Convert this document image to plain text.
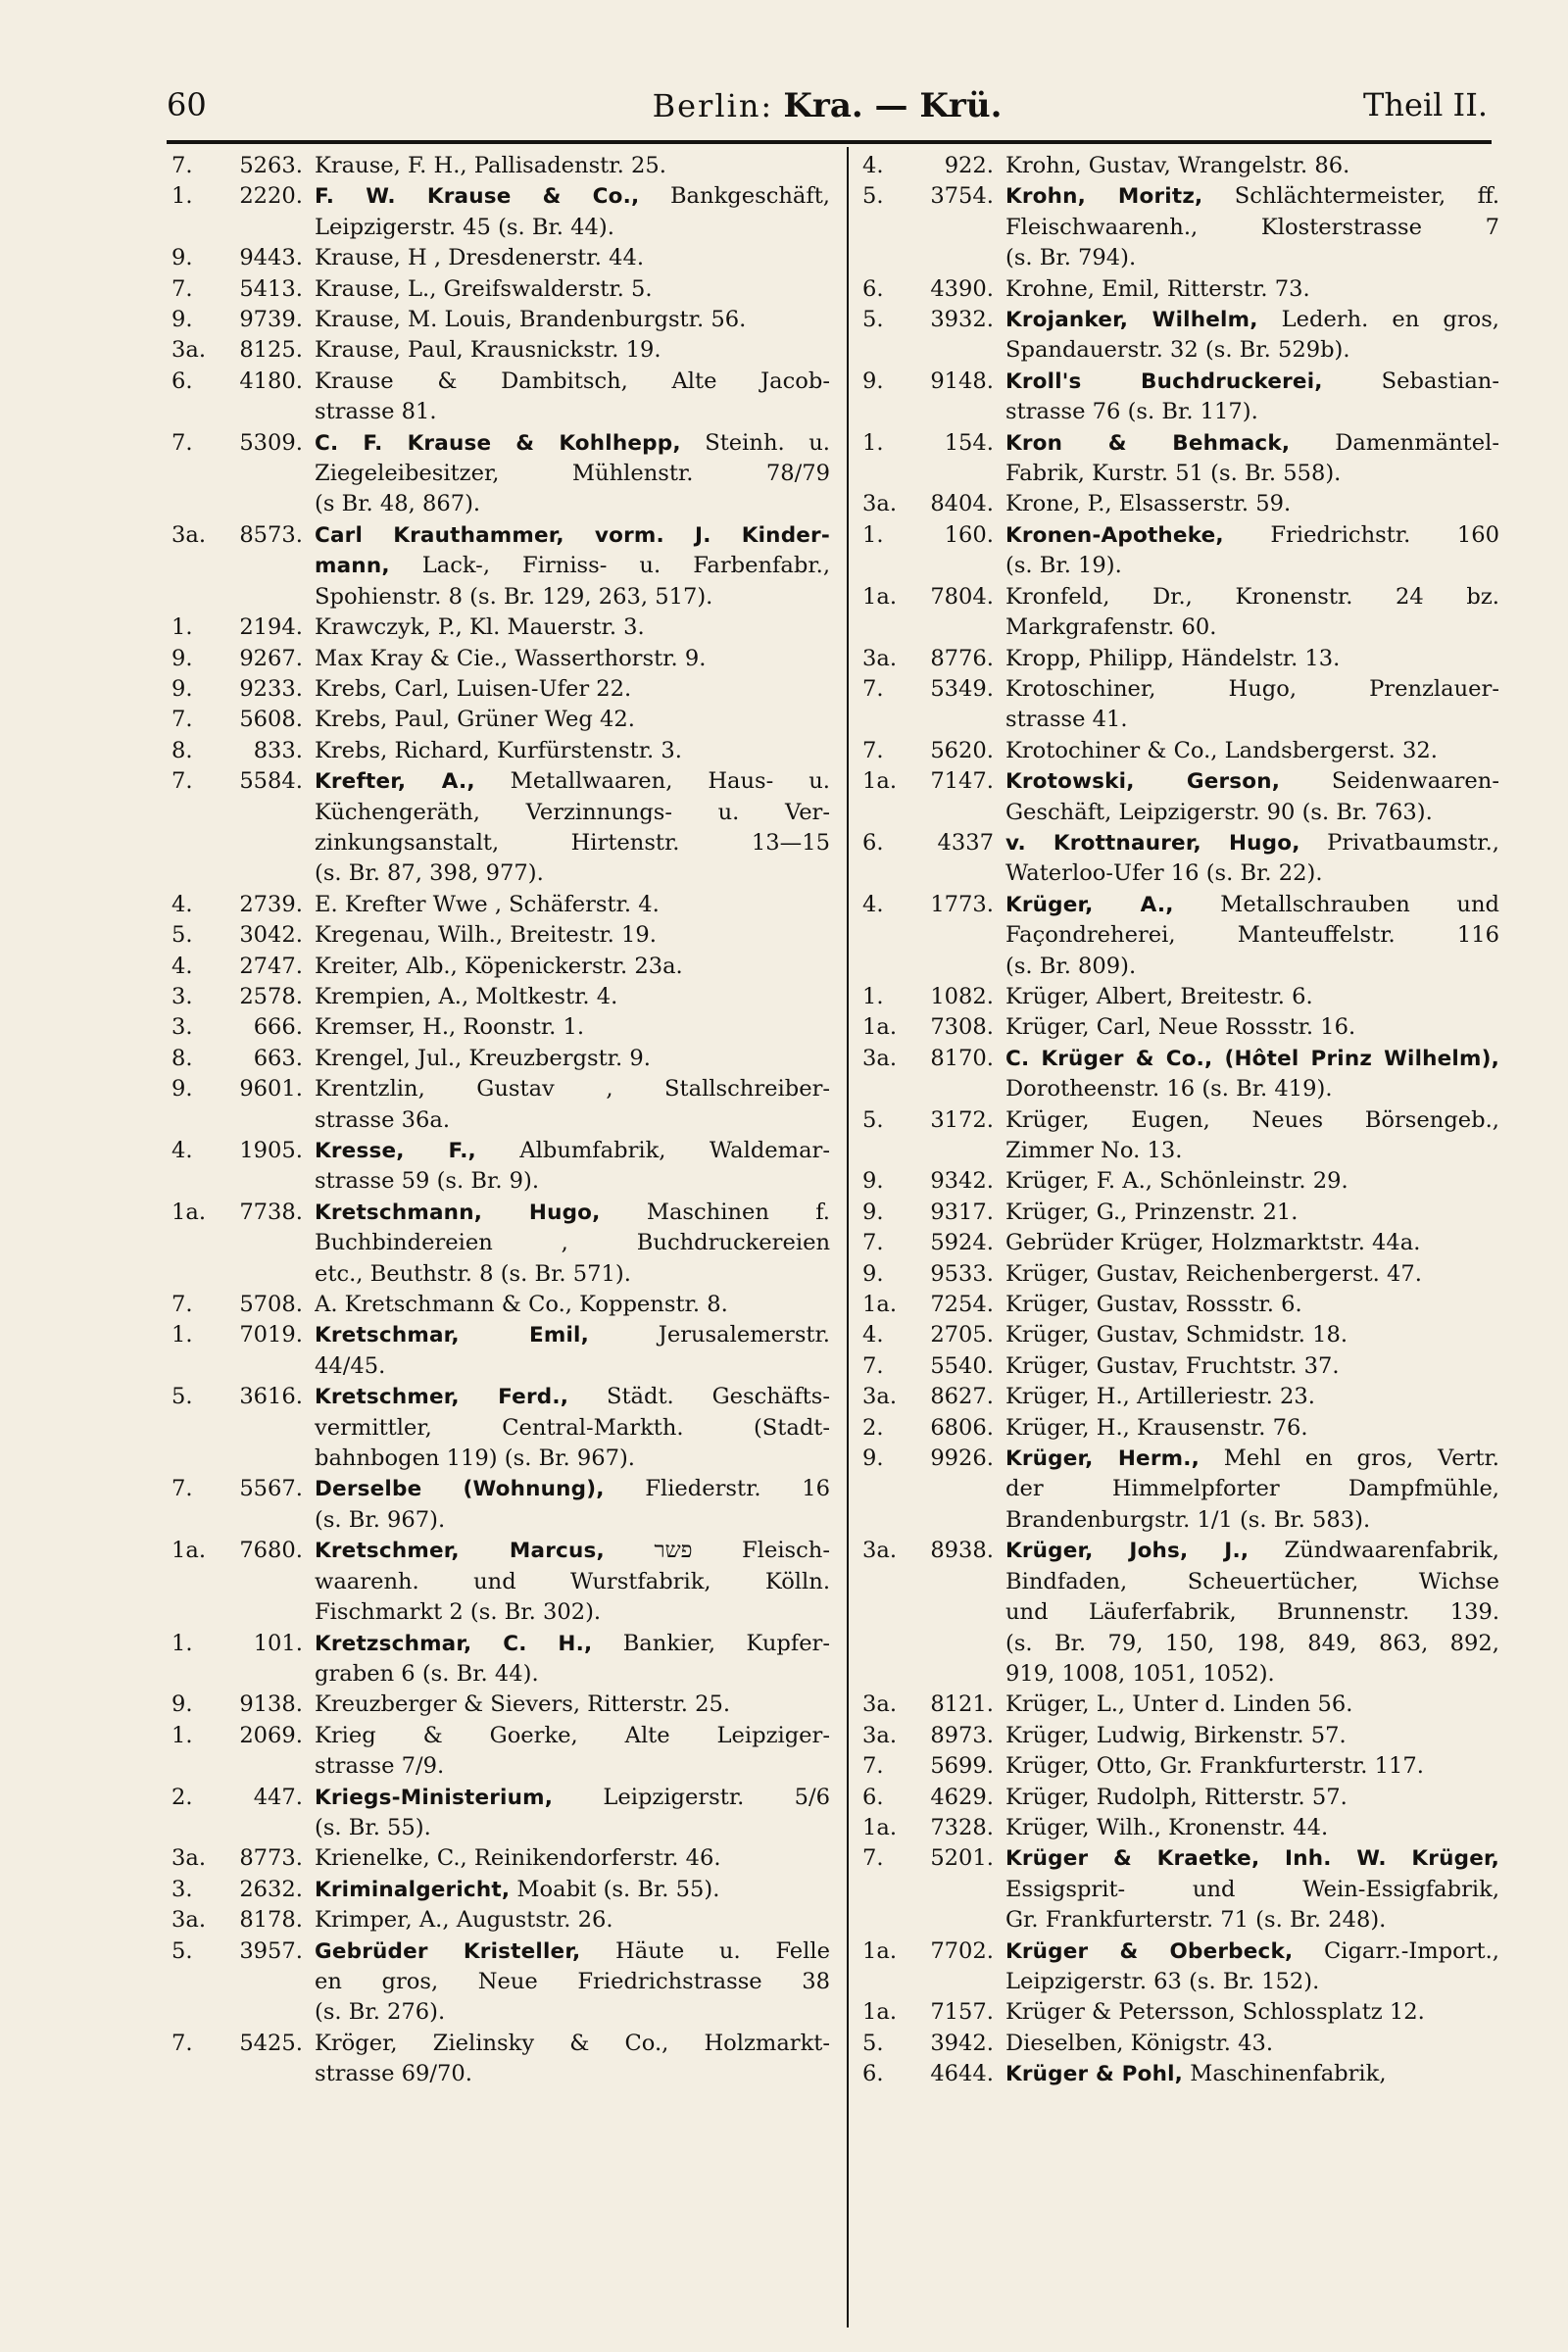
60	Berlin: Kra. — Krü.	Theil II.
7.	5263. Krause, F. H., Pallisadenstr. 25.
1.	2220. F. W. Krause & Co., Bankgeschäft,
Leipzigerstr. 45 (s. Br. 44).
9.	9443. Krause, H , Dresdenerstr. 44.
7.	5413. Krause, L., Greifswalderstr. 5.
9.	9739. Krause, M. Louis, Brandenburgstr. 56.
3a.	8125. Krause, Paul, Krausnickstr. 19.
6.	4180. Krause & Dambitsch, Alte Jacob-
strasse 81.
7.	5309. C. F. Krause & Kohlhepp, Steinh. u.
Ziegeleibesitzer, Mühlenstr. 78/79
(s Br. 48, 867).
3a.	8573. Carl Krauthammer, vorm. J. Kinder-
mann, Lack-, Firniss- u. Farbenfabr.,
Spohienstr. 8 (s. Br. 129, 263, 517).
1.	2194. Krawczyk, P., Kl. Mauerstr. 3.
9.	9267. Max Kray & Cie., Wasserthorstr. 9.
9.	9233. Krebs, Carl, Luisen-Ufer 22.
7.	5608. Krebs, Paul, Grüner Weg 42.
8.	833. Krebs, Richard, Kurfürstenstr. 3.
7.	5584. Krefter, A., Metallwaaren, Haus- u.
Küchengeräth, Verzinnungs- u. Ver-
zinkungsanstalt, Hirtenstr. 13—15
(s. Br. 87, 398, 977).
4.	2739. E. Krefter Wwe , Schäferstr. 4.
5.	3042. Kregenau, Wilh., Breitestr. 19.
4.	2747. Kreiter, Alb., Köpenickerstr. 23a.
3.	2578. Krempien, A., Moltkestr. 4.
3.	666. Kremser, H., Roonstr. 1.
8.	663. Krengel, Jul., Kreuzbergstr. 9.
9.	9601. Krentzlin, Gustav , Stallschreiber-
strasse 36a.
4.	1905. Kresse, F., Albumfabrik, Waldemar-
strasse 59 (s. Br. 9).
1a.	7738. Kretschmann, Hugo, Maschinen f.
Buchbindereien , Buchdruckereien
etc., Beuthstr. 8 (s. Br. 571).
7.	5708. A. Kretschmann & Co., Koppenstr. 8.
1.	7019. Kretschmar, Emil, Jerusalemerstr.
44/45.
5.	3616. Kretschmer, Ferd., Städt. Geschäfts-
vermittler, Central-Markth. (Stadt-
bahnbogen 119) (s. Br. 967).
7.	5567. Derselbe (Wohnung), Fliederstr. 16
(s. Br. 967).
1a.	7680. Kretschmer, Marcus, פשר Fleisch-
waarenh. und Wurstfabrik, Kölln.
Fischmarkt 2 (s. Br. 302).
1.	101. Kretzschmar, C. H., Bankier, Kupfer-
graben 6 (s. Br. 44).
9.	9138. Kreuzberger & Sievers, Ritterstr. 25.
1.	2069. Krieg & Goerke, Alte Leipziger-
strasse 7/9.
2.	447. Kriegs-Ministerium, Leipzigerstr. 5/6
(s. Br. 55).
3a.	8773. Krienelke, C., Reinikendorferstr. 46.
3.	2632. Kriminalgericht, Moabit (s. Br. 55).
3a.	8178. Krimper, A., Auguststr. 26.
5.	3957. Gebrüder Kristeller, Häute u. Felle
en gros, Neue Friedrichstrasse 38
(s. Br. 276).
7.	5425. Kröger, Zielinsky & Co., Holzmarkt-
strasse 69/70.
4.	922. Krohn, Gustav, Wrangelstr. 86.
5.	3754. Krohn, Moritz, Schlächtermeister, ff.
Fleischwaarenh., Klosterstrasse 7
(s. Br. 794).
6.	4390. Krohne, Emil, Ritterstr. 73.
5.	3932. Krojanker, Wilhelm, Lederh. en gros,
Spandauerstr. 32 (s. Br. 529b).
9.	9148. Kroll's Buchdruckerei, Sebastian-
strasse 76 (s. Br. 117).
1.	154. Kron & Behmack, Damenmäntel-
Fabrik, Kurstr. 51 (s. Br. 558).
3a.	8404. Krone, P., Elsasserstr. 59.
1.	160. Kronen-Apotheke, Friedrichstr. 160
(s. Br. 19).
1a.	7804. Kronfeld, Dr., Kronenstr. 24 bz.
Markgrafenstr. 60.
3a.	8776. Kropp, Philipp, Händelstr. 13.
7.	5349. Krotoschiner, Hugo, Prenzlauer-
strasse 41.
7.	5620. Krotochiner & Co., Landsbergerst. 32.
1a.	7147. Krotowski, Gerson, Seidenwaaren-
Geschäft, Leipzigerstr. 90 (s. Br. 763).
6.	4337 v. Krottnaurer, Hugo, Privatbaumstr.,
Waterloo-Ufer 16 (s. Br. 22).
4.	1773. Krüger, A., Metallschrauben und
Façondreherei, Manteuffelstr. 116
(s. Br. 809).
1.	1082. Krüger, Albert, Breitestr. 6.
1a.	7308. Krüger, Carl, Neue Rossstr. 16.
3a.	8170. C. Krüger & Co., (Hôtel Prinz Wilhelm),
Dorotheenstr. 16 (s. Br. 419).
5.	3172. Krüger, Eugen, Neues Börsengeb.,
Zimmer No. 13.
9.	9342. Krüger, F. A., Schönleinstr. 29.
9.	9317. Krüger, G., Prinzenstr. 21.
7.	5924. Gebrüder Krüger, Holzmarktstr. 44a.
9.	9533. Krüger, Gustav, Reichenbergerst. 47.
1a.	7254. Krüger, Gustav, Rossstr. 6.
4.	2705. Krüger, Gustav, Schmidstr. 18.
7.	5540. Krüger, Gustav, Fruchtstr. 37.
3a.	8627. Krüger, H., Artilleriestr. 23.
2.	6806. Krüger, H., Krausenstr. 76.
9.	9926. Krüger, Herm., Mehl en gros, Vertr.
der Himmelpforter Dampfmühle,
Brandenburgstr. 1/1 (s. Br. 583).
3a.	8938. Krüger, Johs, J., Zündwaarenfabrik,
Bindfaden, Scheuertücher, Wichse
und Läuferfabrik, Brunnenstr. 139.
(s. Br. 79, 150, 198, 849, 863, 892,
919, 1008, 1051, 1052).
3a.	8121. Krüger, L., Unter d. Linden 56.
3a.	8973. Krüger, Ludwig, Birkenstr. 57.
7.	5699. Krüger, Otto, Gr. Frankfurterstr. 117.
6.	4629. Krüger, Rudolph, Ritterstr. 57.
1a.	7328. Krüger, Wilh., Kronenstr. 44.
7.	5201. Krüger & Kraetke, Inh. W. Krüger,
Essigsprit- und Wein-Essigfabrik,
Gr. Frankfurterstr. 71 (s. Br. 248).
1a.	7702. Krüger & Oberbeck, Cigarr.-Import.,
Leipzigerstr. 63 (s. Br. 152).
1a.	7157. Krüger & Petersson, Schlossplatz 12.
5.	3942. Dieselben, Königstr. 43.
6.	4644. Krüger & Pohl, Maschinenfabrik,
